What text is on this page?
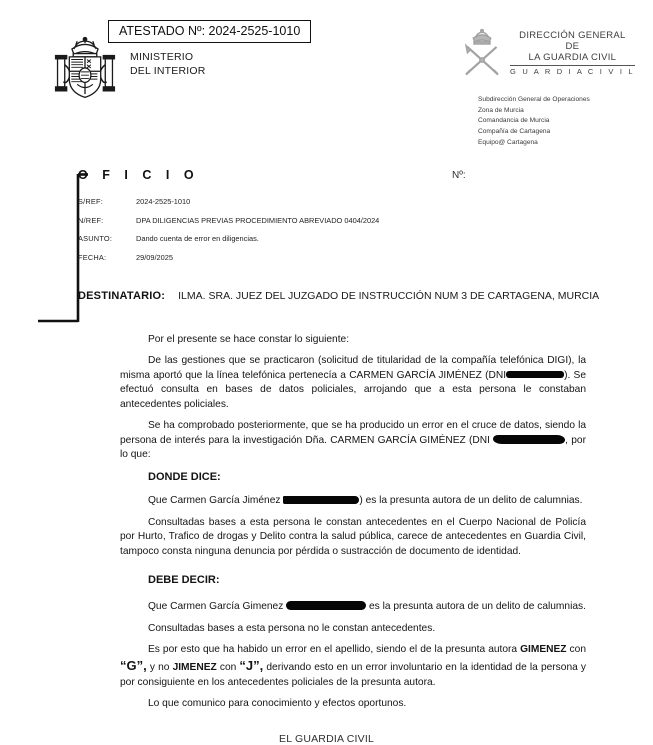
ATESTADO Nº: 2024-2525-1010
MINISTERIO
DEL INTERIOR
DIRECCIÓN GENERAL
DE
LA GUARDIA CIVIL
G U A R D I A C I V I L
Subdirección General de Operaciones
Zona de Murcia
Comandancia de Murcia
Compañía de Cartagena
Equipo@ Cartagena
O F I C I O	Nº:
S/REF:	2024-2525-1010
N/REF:	DPA DILIGENCIAS PREVIAS PROCEDIMIENTO ABREVIADO 0404/2024
ASUNTO:	Dando cuenta de error en diligencias.
FECHA:	29/09/2025
DESTINATARIO: ILMA. SRA. JUEZ DEL JUZGADO DE INSTRUCCIÓN NUM 3 DE CARTAGENA, MURCIA

Por el presente se hace constar lo siguiente:

De las gestiones que se practicaron (solicitud de titularidad de la compañía telefónica DIGI), la misma aportó que la línea telefónica pertenecía a CARMEN GARCÍA JIMÉNEZ (DNI	). Se efectuó consulta en bases de datos policiales, arrojando que a esta persona le constaban antecedentes policiales.

Se ha comprobado posteriormente, que se ha producido un error en el cruce de datos, siendo la persona de interés para la investigación Dña. CARMEN GARCÍA GIMÉNEZ (DNI	, por lo que:

DONDE DICE:

Que Carmen García Jiménez	) es la presunta autora de un delito de calumnias.

Consultadas bases a esta persona le constan antecedentes en el Cuerpo Nacional de Policía por Hurto, Trafico de drogas y Delito contra la salud pública, carece de antecedentes en Guardia Civil, tampoco consta ninguna denuncia por pérdida o sustracción de documento de identidad.

DEBE DECIR:

Que Carmen García Gimenez	es la presunta autora de un delito de calumnias.

Consultadas bases a esta persona no le constan antecedentes.

Es por esto que ha habido un error en el apellido, siendo el de la presunta autora GIMENEZ con “G”, y no JIMENEZ con “J”, derivando esto en un error involuntario en la identidad de la persona y por consiguiente en los antecedentes policiales de la presunta autora.

Lo que comunico para conocimiento y efectos oportunos.

EL GUARDIA CIVIL
